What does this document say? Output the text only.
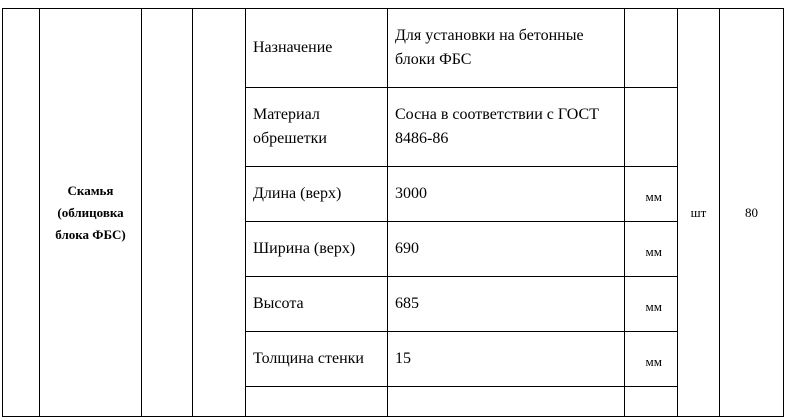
	Скамья (облицовка блока ФБС)			Назначение	Для установки на бетонные блоки ФБС		шт	80
				Материал обрешетки	Сосна в соответствии с ГОСТ 8486-86			
				Длина (верх)	3000	мм		
				Ширина (верх)	690	мм		
				Высота	685	мм		
				Толщина стенки	15	мм		
